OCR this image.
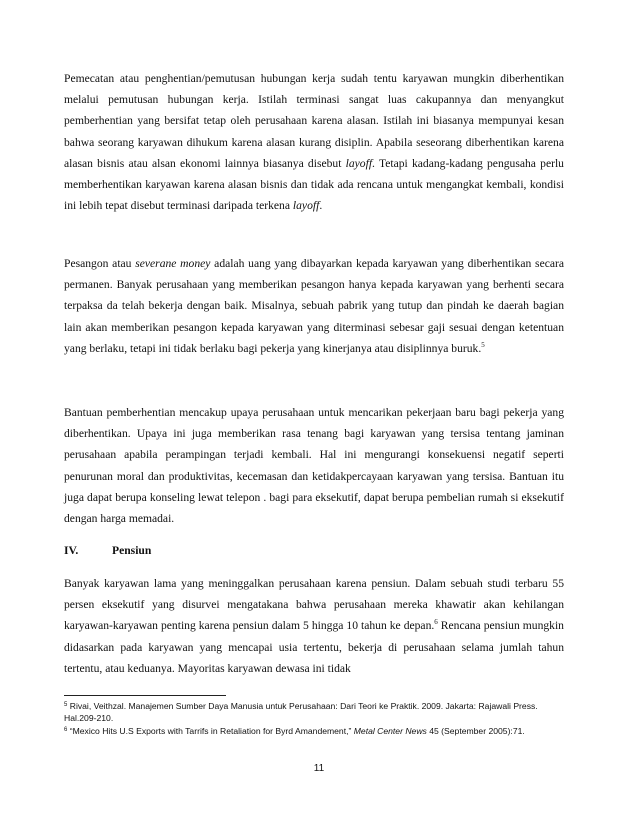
Pemecatan atau penghentian/pemutusan hubungan kerja sudah tentu karyawan mungkin diberhentikan melalui pemutusan hubungan kerja. Istilah terminasi sangat luas cakupannya dan menyangkut pemberhentian yang bersifat tetap oleh perusahaan karena alasan. Istilah ini biasanya mempunyai kesan bahwa seorang karyawan dihukum karena alasan kurang disiplin. Apabila seseorang diberhentikan karena alasan bisnis atau alsan ekonomi lainnya biasanya disebut layoff. Tetapi kadang-kadang pengusaha perlu memberhentikan karyawan karena alasan bisnis dan tidak ada rencana untuk mengangkat kembali, kondisi ini lebih tepat disebut terminasi daripada terkena layoff.

Pesangon atau severane money adalah uang yang dibayarkan kepada karyawan yang diberhentikan secara permanen. Banyak perusahaan yang memberikan pesangon hanya kepada karyawan yang berhenti secara terpaksa da telah bekerja dengan baik. Misalnya, sebuah pabrik yang tutup dan pindah ke daerah bagian lain akan memberikan pesangon kepada karyawan yang diterminasi sebesar gaji sesuai dengan ketentuan yang berlaku, tetapi ini tidak berlaku bagi pekerja yang kinerjanya atau disiplinnya buruk.$^5$

Bantuan pemberhentian mencakup upaya perusahaan untuk mencarikan pekerjaan baru bagi pekerja yang diberhentikan. Upaya ini juga memberikan rasa tenang bagi karyawan yang tersisa tentang jaminan perusahaan apabila perampingan terjadi kembali. Hal ini mengurangi konsekuensi negatif seperti penurunan moral dan produktivitas, kecemasan dan ketidakpercayaan karyawan yang tersisa. Bantuan itu juga dapat berupa konseling lewat telepon . bagi para eksekutif, dapat berupa pembelian rumah si eksekutif dengan harga memadai.

IV.	Pensiun

Banyak karyawan lama yang meninggalkan perusahaan karena pensiun. Dalam sebuah studi terbaru 55 persen eksekutif yang disurvei mengatakana bahwa perusahaan mereka khawatir akan kehilangan karyawan-karyawan penting karena pensiun dalam 5 hingga 10 tahun ke depan.$^6$ Rencana pensiun mungkin didasarkan pada karyawan yang mencapai usia tertentu, bekerja di perusahaan selama jumlah tahun tertentu, atau keduanya. Mayoritas karyawan dewasa ini tidak

$^5$ Rivai, Veithzal. Manajemen Sumber Daya Manusia untuk Perusahaan: Dari Teori ke Praktik. 2009. Jakarta: Rajawali Press. Hal.209-210.

$^6$ “Mexico Hits U.S Exports with Tarrifs in Retaliation for Byrd Amandement,” Metal Center News 45 (September 2005):71.

11
